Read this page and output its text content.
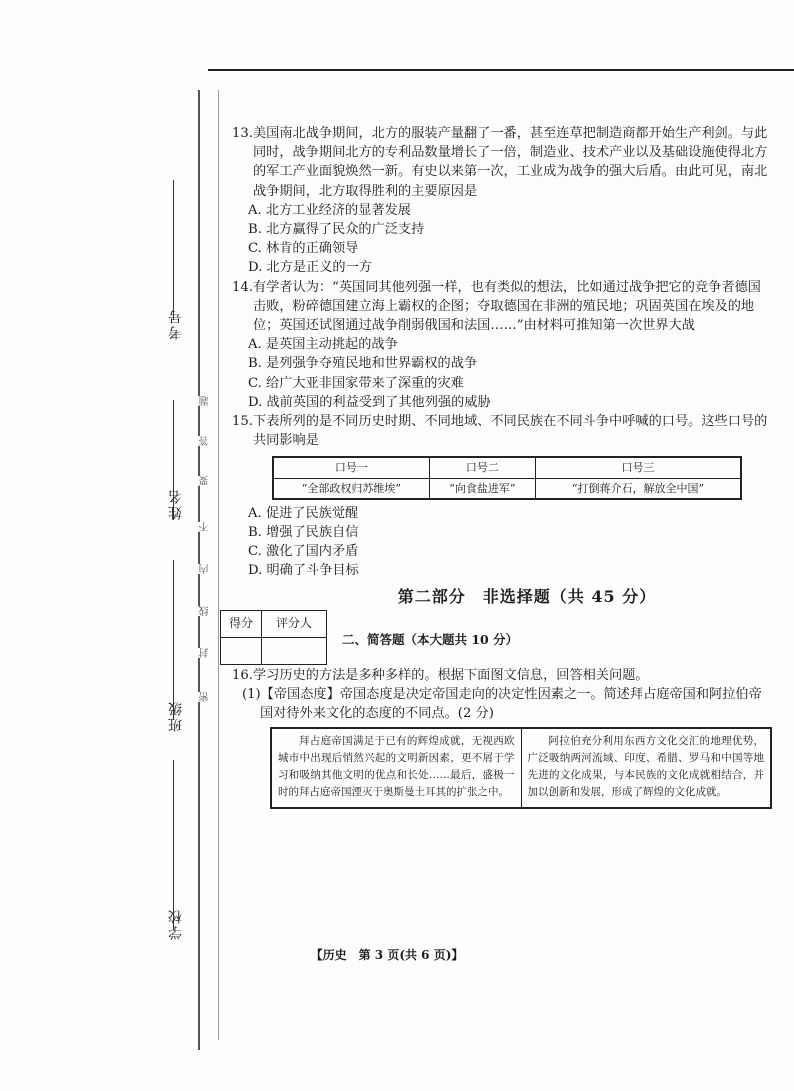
考号
姓名
班级
学校
题
答
要
不
内
线
封
密
13.美国南北战争期间，北方的服装产量翻了一番，甚至连草把制造商都开始生产利剑。与此同时，战争期间北方的专利品数量增长了一倍，制造业、技术产业以及基础设施使得北方的军工产业面貌焕然一新。有史以来第一次，工业成为战争的强大后盾。由此可见，南北战争期间，北方取得胜利的主要原因是
A. 北方工业经济的显著发展
B. 北方赢得了民众的广泛支持
C. 林肯的正确领导
D. 北方是正义的一方
14.有学者认为：“英国同其他列强一样，也有类似的想法，比如通过战争把它的竞争者德国击败，粉碎德国建立海上霸权的企图；夺取德国在非洲的殖民地；巩固英国在埃及的地位；英国还试图通过战争削弱俄国和法国……”由材料可推知第一次世界大战
A. 是英国主动挑起的战争
B. 是列强争夺殖民地和世界霸权的战争
C. 给广大亚非国家带来了深重的灾难
D. 战前英国的利益受到了其他列强的威胁
15.下表所列的是不同历史时期、不同地域、不同民族在不同斗争中呼喊的口号。这些口号的共同影响是
口号一	口号二	口号三
“全部政权归苏维埃”	“向食盐进军”	“打倒蒋介石，解放全中国”
A. 促进了民族觉醒
B. 增强了民族自信
C. 激化了国内矛盾
D. 明确了斗争目标
第二部分　非选择题（共 45 分）
得分	评分人

二、简答题（本大题共 10 分）
16.学习历史的方法是多种多样的。根据下面图文信息，回答相关问题。
(1)【帝国态度】帝国态度是决定帝国走向的决定性因素之一。简述拜占庭帝国和阿拉伯帝国对待外来文化的态度的不同点。(2 分)
拜占庭帝国满足于已有的辉煌成就，无视西欧城市中出现后悄然兴起的文明新因素，更不屑于学习和吸纳其他文明的优点和长处……最后，盛极一时的拜占庭帝国湮灭于奥斯曼土耳其的扩张之中。	阿拉伯充分利用东西方文化交汇的地理优势，广泛吸纳两河流域、印度、希腊、罗马和中国等地先进的文化成果，与本民族的文化成就相结合，并加以创新和发展，形成了辉煌的文化成就。
【历史　第 3 页(共 6 页)】
